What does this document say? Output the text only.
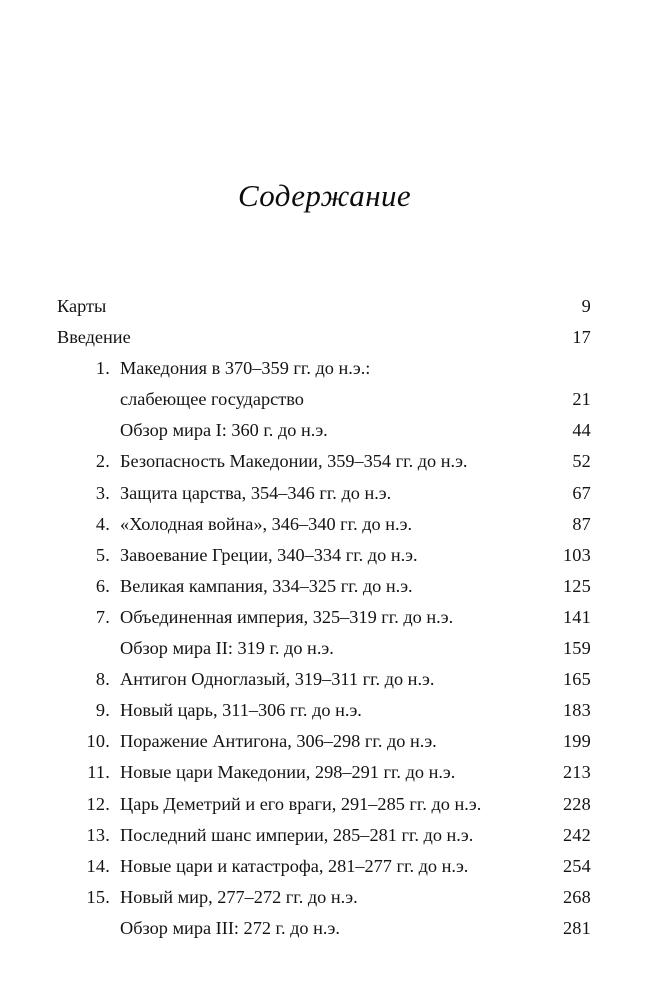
Содержание
Карты	9
Введение	17
1. Македония в 370–359 гг. до н.э.:
слабеющее государство	21
Обзор мира I: 360 г. до н.э.	44
2. Безопасность Македонии, 359–354 гг. до н.э.	52
3. Защита царства, 354–346 гг. до н.э.	67
4. «Холодная война», 346–340 гг. до н.э.	87
5. Завоевание Греции, 340–334 гг. до н.э.	103
6. Великая кампания, 334–325 гг. до н.э.	125
7. Объединенная империя, 325–319 гг. до н.э.	141
Обзор мира II: 319 г. до н.э.	159
8. Антигон Одноглазый, 319–311 гг. до н.э.	165
9. Новый царь, 311–306 гг. до н.э.	183
10. Поражение Антигона, 306–298 гг. до н.э.	199
11. Новые цари Македонии, 298–291 гг. до н.э.	213
12. Царь Деметрий и его враги, 291–285 гг. до н.э.	228
13. Последний шанс империи, 285–281 гг. до н.э.	242
14. Новые цари и катастрофа, 281–277 гг. до н.э.	254
15. Новый мир, 277–272 гг. до н.э.	268
Обзор мира III: 272 г. до н.э.	281
